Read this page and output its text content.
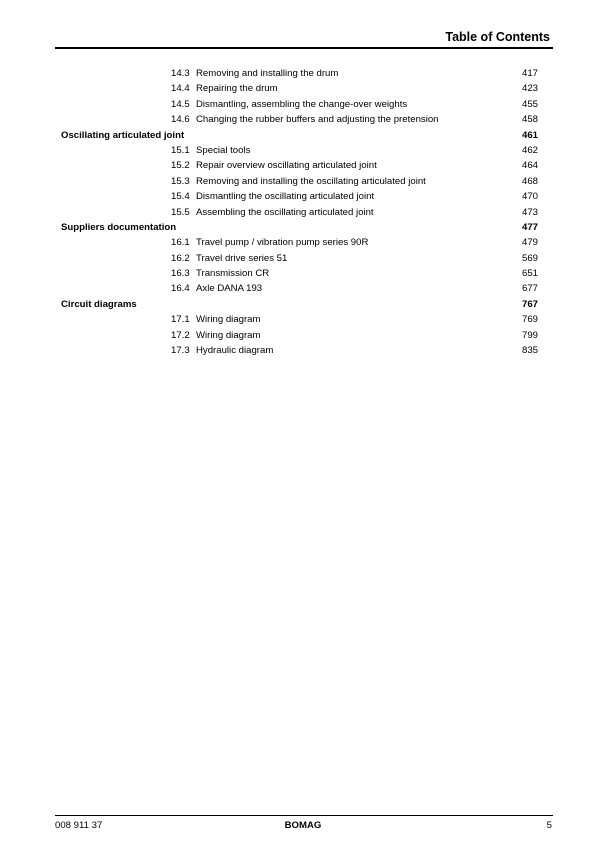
Table of Contents
14.3 Removing and installing the drum	417
14.4 Repairing the drum	423
14.5 Dismantling, assembling the change-over weights	455
14.6 Changing the rubber buffers and adjusting the pretension	458
Oscillating articulated joint	461
15.1 Special tools	462
15.2 Repair overview oscillating articulated joint	464
15.3 Removing and installing the oscillating articulated joint	468
15.4 Dismantling the oscillating articulated joint	470
15.5 Assembling the oscillating articulated joint	473
Suppliers documentation	477
16.1 Travel pump / vibration pump series 90R	479
16.2 Travel drive series 51	569
16.3 Transmission CR	651
16.4 Axle DANA 193	677
Circuit diagrams	767
17.1 Wiring diagram	769
17.2 Wiring diagram	799
17.3 Hydraulic diagram	835
008 911 37	BOMAG	5
